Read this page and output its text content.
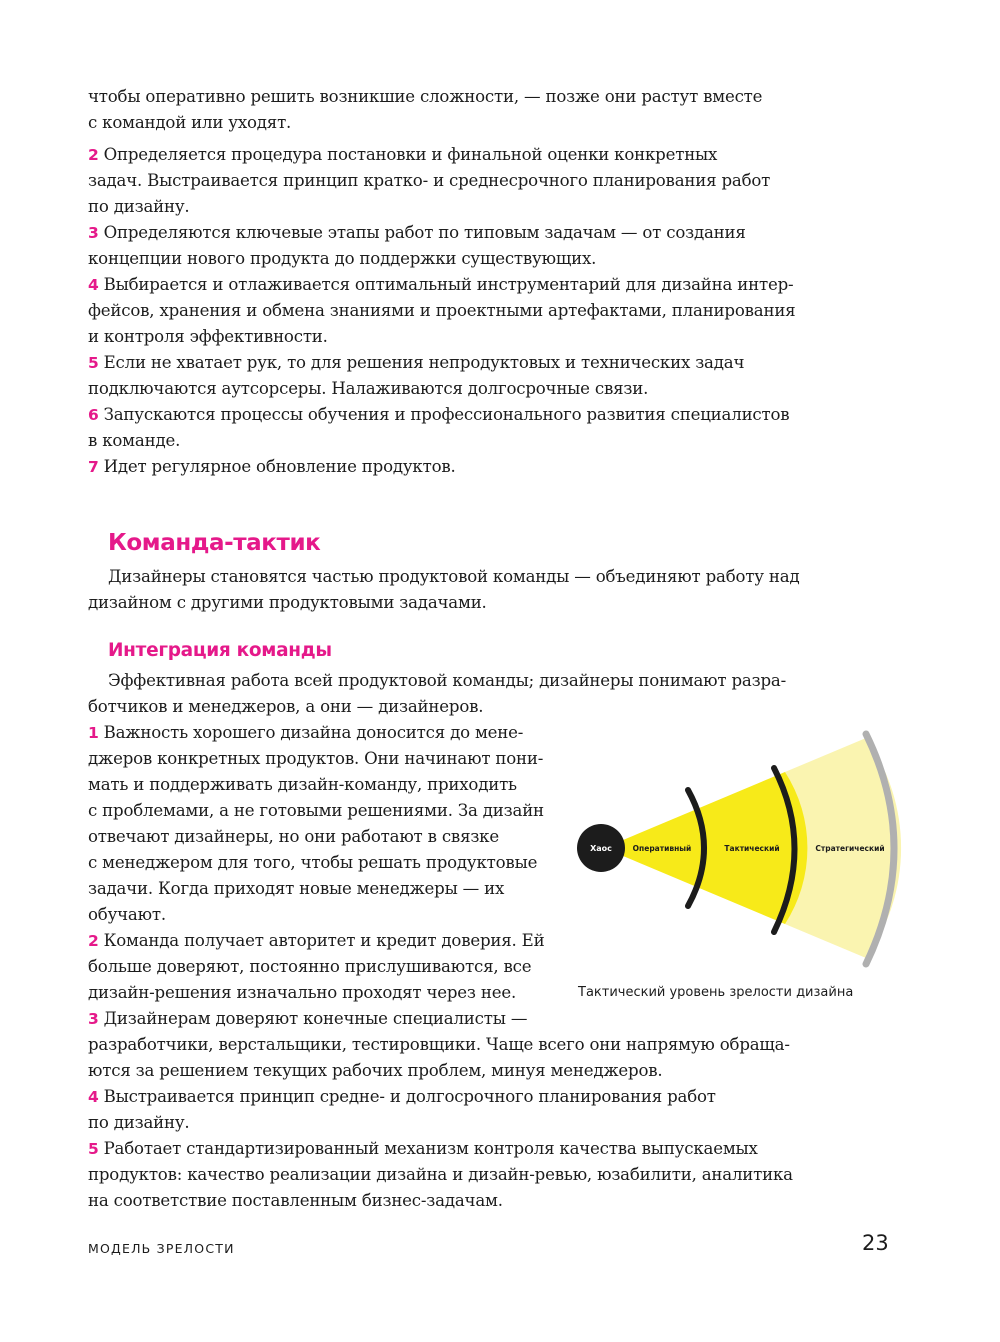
чтобы оперативно решить возникшие сложности, — позже они растут вместе
с командой или уходят.
2 Определяется процедура постановки и финальной оценки конкретных
задач. Выстраивается принцип кратко- и среднесрочного планирования работ
по дизайну.
3 Определяются ключевые этапы работ по типовым задачам — от создания
концепции нового продукта до поддержки существующих.
4 Выбирается и отлаживается оптимальный инструментарий для дизайна интер-
фейсов, хранения и обмена знаниями и проектными артефактами, планирования
и контроля эффективности.
5 Если не хватает рук, то для решения непродуктовых и технических задач
подключаются аутсорсеры. Налаживаются долгосрочные связи.
6 Запускаются процессы обучения и профессионального развития специалистов
в команде.
7 Идет регулярное обновление продуктов.
Команда-тактик
Дизайнеры становятся частью продуктовой команды — объединяют работу над
дизайном с другими продуктовыми задачами.
Интеграция команды
Эффективная работа всей продуктовой команды; дизайнеры понимают разра-
ботчиков и менеджеров, а они — дизайнеров.
1 Важность хорошего дизайна доносится до мене-
джеров конкретных продуктов. Они начинают пони-
мать и поддерживать дизайн-команду, приходить
с проблемами, а не готовыми решениями. За дизайн
отвечают дизайнеры, но они работают в связке
с менеджером для того, чтобы решать продуктовые
задачи. Когда приходят новые менеджеры — их
обучают.
2 Команда получает авторитет и кредит доверия. Ей
больше доверяют, постоянно прислушиваются, все
дизайн-решения изначально проходят через нее.
3 Дизайнерам доверяют конечные специалисты —
разработчики, верстальщики, тестировщики. Чаще всего они напрямую обраща-
ются за решением текущих рабочих проблем, минуя менеджеров.
4 Выстраивается принцип средне- и долгосрочного планирования работ
по дизайну.
5 Работает стандартизированный механизм контроля качества выпускаемых
продуктов: качество реализации дизайна и дизайн-ревью, юзабилити, аналитика
на соответствие поставленным бизнес-задачам.
Хаос	Оперативный	Тактический	Стратегический
Тактический уровень зрелости дизайна
МОДЕЛЬ ЗРЕЛОСТИ	23
